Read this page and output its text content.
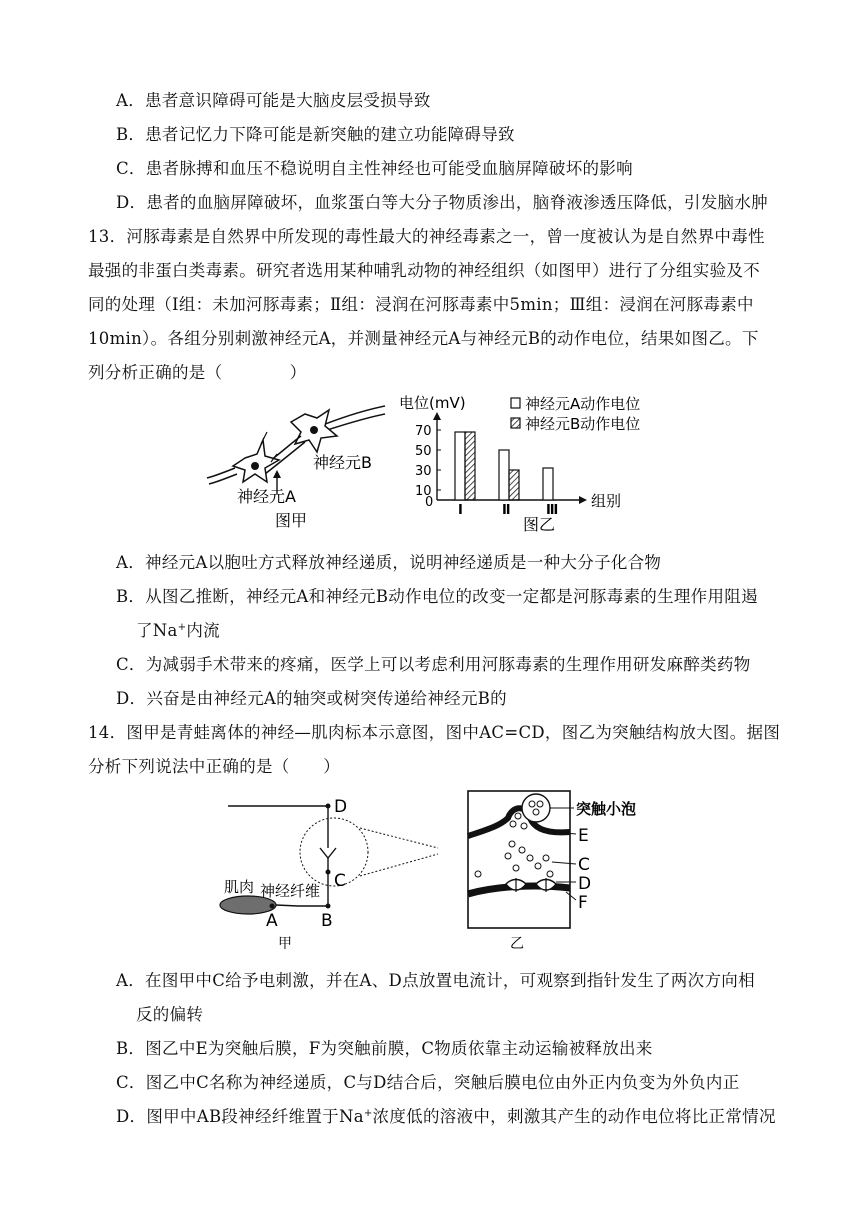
A．患者意识障碍可能是大脑皮层受损导致
B．患者记忆力下降可能是新突触的建立功能障碍导致
C．患者脉搏和血压不稳说明自主性神经也可能受血脑屏障破坏的影响
D．患者的血脑屏障破坏，血浆蛋白等大分子物质渗出，脑脊液渗透压降低，引发脑水肿
13．河豚毒素是自然界中所发现的毒性最大的神经毒素之一，曾一度被认为是自然界中毒性
最强的非蛋白类毒素。研究者选用某种哺乳动物的神经组织（如图甲）进行了分组实验及不
同的处理（Ⅰ组：未加河豚毒素；Ⅱ组：浸润在河豚毒素中5min；Ⅲ组：浸润在河豚毒素中
10min）。各组分别刺激神经元A，并测量神经元A与神经元B的动作电位，结果如图乙。下
列分析正确的是（　　　　）
神经元B
神经元A
图甲
电位(mV)	神经元A动作电位
神经元B动作电位
0
10
30
50
70
Ⅰ	Ⅱ	Ⅲ
组别
图乙
A．神经元A以胞吐方式释放神经递质，说明神经递质是一种大分子化合物
B．从图乙推断，神经元A和神经元B动作电位的改变一定都是河豚毒素的生理作用阻遏
了Na+内流
C．为减弱手术带来的疼痛，医学上可以考虑利用河豚毒素的生理作用研发麻醉类药物
D．兴奋是由神经元A的轴突或树突传递给神经元B的
14．图甲是青蛙离体的神经—肌肉标本示意图，图中AC=CD，图乙为突触结构放大图。据图
分析下列说法中正确的是（　　）
D
C
肌肉 神经纤维
A	B
甲
突触小泡
E
C
D
F
乙
A．在图甲中C给予电刺激，并在A、D点放置电流计，可观察到指针发生了两次方向相
反的偏转
B．图乙中E为突触后膜，F为突触前膜，C物质依靠主动运输被释放出来
C．图乙中C名称为神经递质，C与D结合后，突触后膜电位由外正内负变为外负内正
D．图甲中AB段神经纤维置于Na+浓度低的溶液中，刺激其产生的动作电位将比正常情况
